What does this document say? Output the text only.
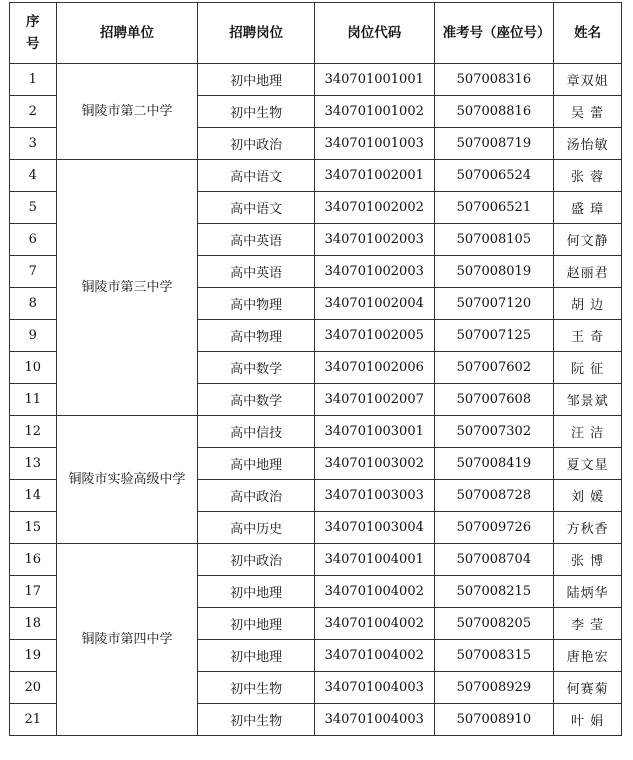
序号	招聘单位	招聘岗位	岗位代码	准考号（座位号）	姓名
1	铜陵市第二中学	初中地理	340701001001	507008316	章双姐
2		初中生物	340701001002	507008816	吴 蕾
3		初中政治	340701001003	507008719	汤怡敏
4	铜陵市第三中学	高中语文	340701002001	507006524	张 蓉
5		高中语文	340701002002	507006521	盛 璋
6		高中英语	340701002003	507008105	何文静
7		高中英语	340701002003	507008019	赵丽君
8		高中物理	340701002004	507007120	胡 边
9		高中物理	340701002005	507007125	王 奇
10		高中数学	340701002006	507007602	阮 征
11		高中数学	340701002007	507007608	邹景斌
12	铜陵市实验高级中学	高中信技	340701003001	507007302	汪 洁
13		高中地理	340701003002	507008419	夏文星
14		高中政治	340701003003	507008728	刘 媛
15		高中历史	340701003004	507009726	方秋香
16	铜陵市第四中学	初中政治	340701004001	507008704	张 博
17		初中地理	340701004002	507008215	陆炳华
18		初中地理	340701004002	507008205	李 莹
19		初中地理	340701004002	507008315	唐艳宏
20		初中生物	340701004003	507008929	何赛菊
21		初中生物	340701004003	507008910	叶 娟
